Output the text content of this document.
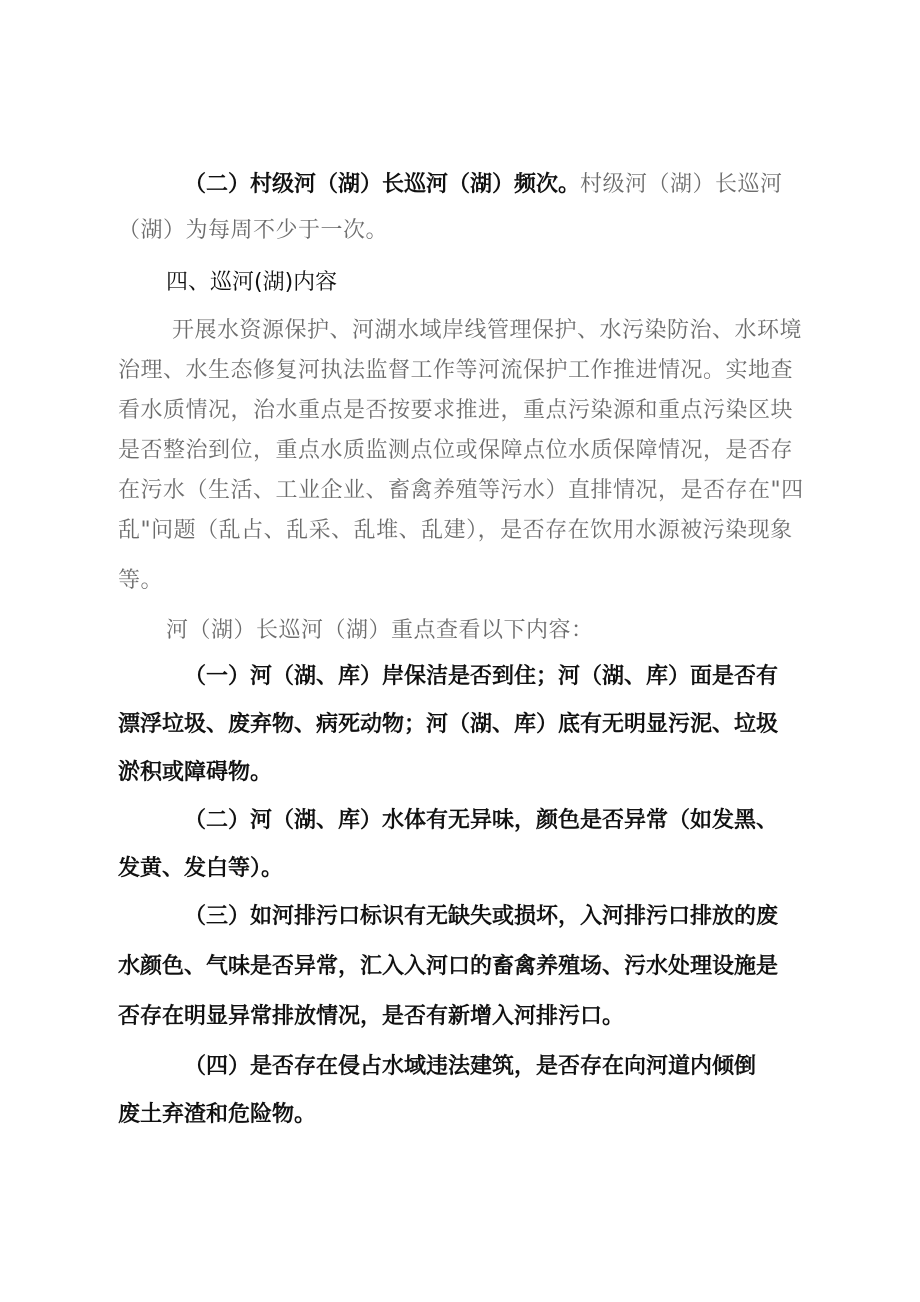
（二）村级河（湖）长巡河（湖）频次。村级河（湖）长巡河
（湖）为每周不少于一次。
四、巡河(湖)内容
开展水资源保护、河湖水域岸线管理保护、水污染防治、水环境
治理、水生态修复河执法监督工作等河流保护工作推进情况。实地查
看水质情况，治水重点是否按要求推进，重点污染源和重点污染区块
是否整治到位，重点水质监测点位或保障点位水质保障情况，是否存
在污水（生活、工业企业、畜禽养殖等污水）直排情况，是否存在"四
乱"问题（乱占、乱采、乱堆、乱建），是否存在饮用水源被污染现象
等。
河（湖）长巡河（湖）重点查看以下内容：
（一）河（湖、库）岸保洁是否到住；河（湖、库）面是否有
漂浮垃圾、废弃物、病死动物；河（湖、库）底有无明显污泥、垃圾
淤积或障碍物。
（二）河（湖、库）水体有无异味，颜色是否异常（如发黑、
发黄、发白等）。
（三）如河排污口标识有无缺失或损坏，入河排污口排放的废
水颜色、气味是否异常，汇入入河口的畜禽养殖场、污水处理设施是
否存在明显异常排放情况，是否有新增入河排污口。
（四）是否存在侵占水域违法建筑，是否存在向河道内倾倒
废土弃渣和危险物。
